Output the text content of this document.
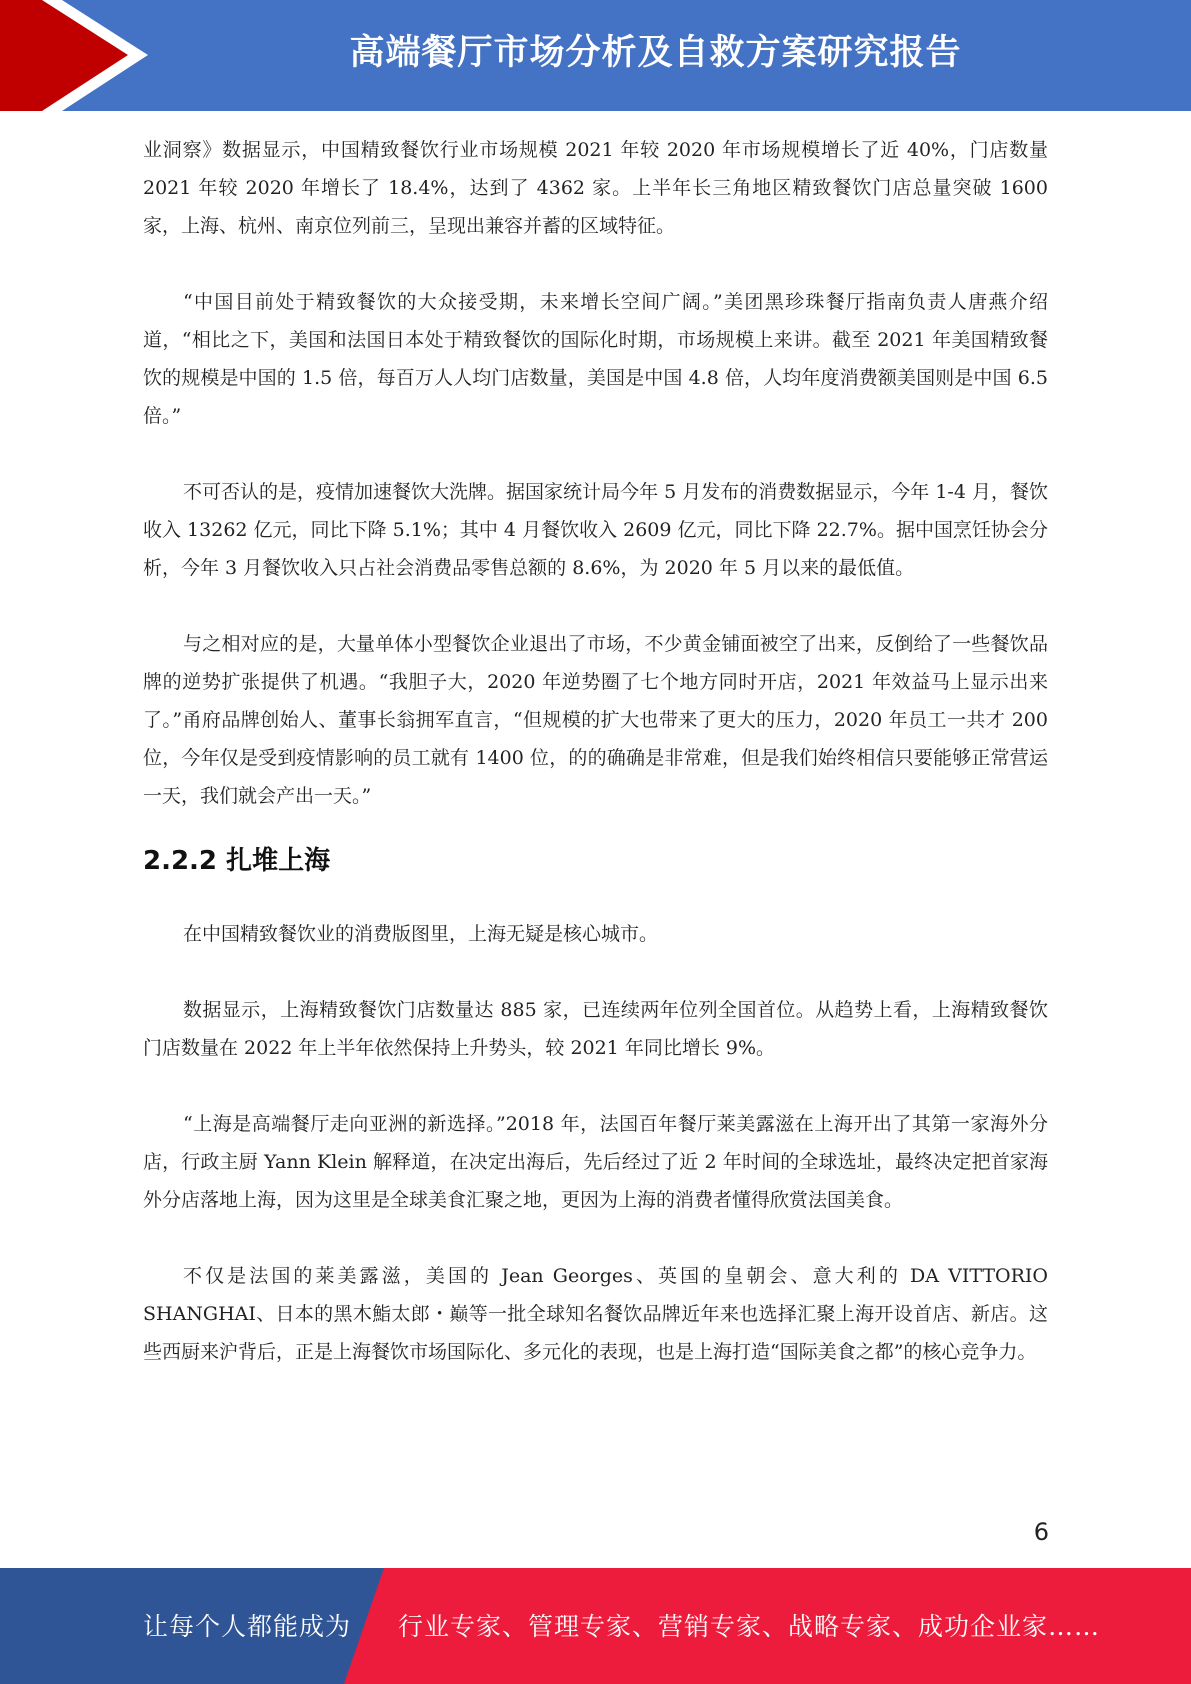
高端餐厅市场分析及自救方案研究报告

业洞察》数据显示，中国精致餐饮行业市场规模 2021 年较 2020 年市场规模增长了近 40%，门店数量 2021 年较 2020 年增长了 18.4%，达到了 4362 家。上半年长三角地区精致餐饮门店总量突破 1600 家，上海、杭州、南京位列前三，呈现出兼容并蓄的区域特征。

“中国目前处于精致餐饮的大众接受期，未来增长空间广阔。”美团黑珍珠餐厅指南负责人唐燕介绍道，“相比之下，美国和法国日本处于精致餐饮的国际化时期，市场规模上来讲。截至 2021 年美国精致餐饮的规模是中国的 1.5 倍，每百万人人均门店数量，美国是中国 4.8 倍，人均年度消费额美国则是中国 6.5 倍。”

不可否认的是，疫情加速餐饮大洗牌。据国家统计局今年 5 月发布的消费数据显示，今年 1-4 月，餐饮收入 13262 亿元，同比下降 5.1%；其中 4 月餐饮收入 2609 亿元，同比下降 22.7%。据中国烹饪协会分析，今年 3 月餐饮收入只占社会消费品零售总额的 8.6%，为 2020 年 5 月以来的最低值。

与之相对应的是，大量单体小型餐饮企业退出了市场，不少黄金铺面被空了出来，反倒给了一些餐饮品牌的逆势扩张提供了机遇。“我胆子大，2020 年逆势圈了七个地方同时开店，2021 年效益马上显示出来了。”甬府品牌创始人、董事长翁拥军直言，“但规模的扩大也带来了更大的压力，2020 年员工一共才 200 位，今年仅是受到疫情影响的员工就有 1400 位，的的确确是非常难，但是我们始终相信只要能够正常营运一天，我们就会产出一天。”

2.2.2 扎堆上海

在中国精致餐饮业的消费版图里，上海无疑是核心城市。

数据显示，上海精致餐饮门店数量达 885 家，已连续两年位列全国首位。从趋势上看，上海精致餐饮门店数量在 2022 年上半年依然保持上升势头，较 2021 年同比增长 9%。

“上海是高端餐厅走向亚洲的新选择。”2018 年，法国百年餐厅莱美露滋在上海开出了其第一家海外分店，行政主厨 Yann Klein 解释道，在决定出海后，先后经过了近 2 年时间的全球选址，最终决定把首家海外分店落地上海，因为这里是全球美食汇聚之地，更因为上海的消费者懂得欣赏法国美食。

不仅是法国的莱美露滋，美国的 Jean Georges、英国的皇朝会、意大利的 DA VITTORIO SHANGHAI、日本的黑木鮨太郎・巅等一批全球知名餐饮品牌近年来也选择汇聚上海开设首店、新店。这些西厨来沪背后，正是上海餐饮市场国际化、多元化的表现，也是上海打造“国际美食之都”的核心竞争力。

6
让每个人都能成为 行业专家、管理专家、营销专家、战略专家、成功企业家……
